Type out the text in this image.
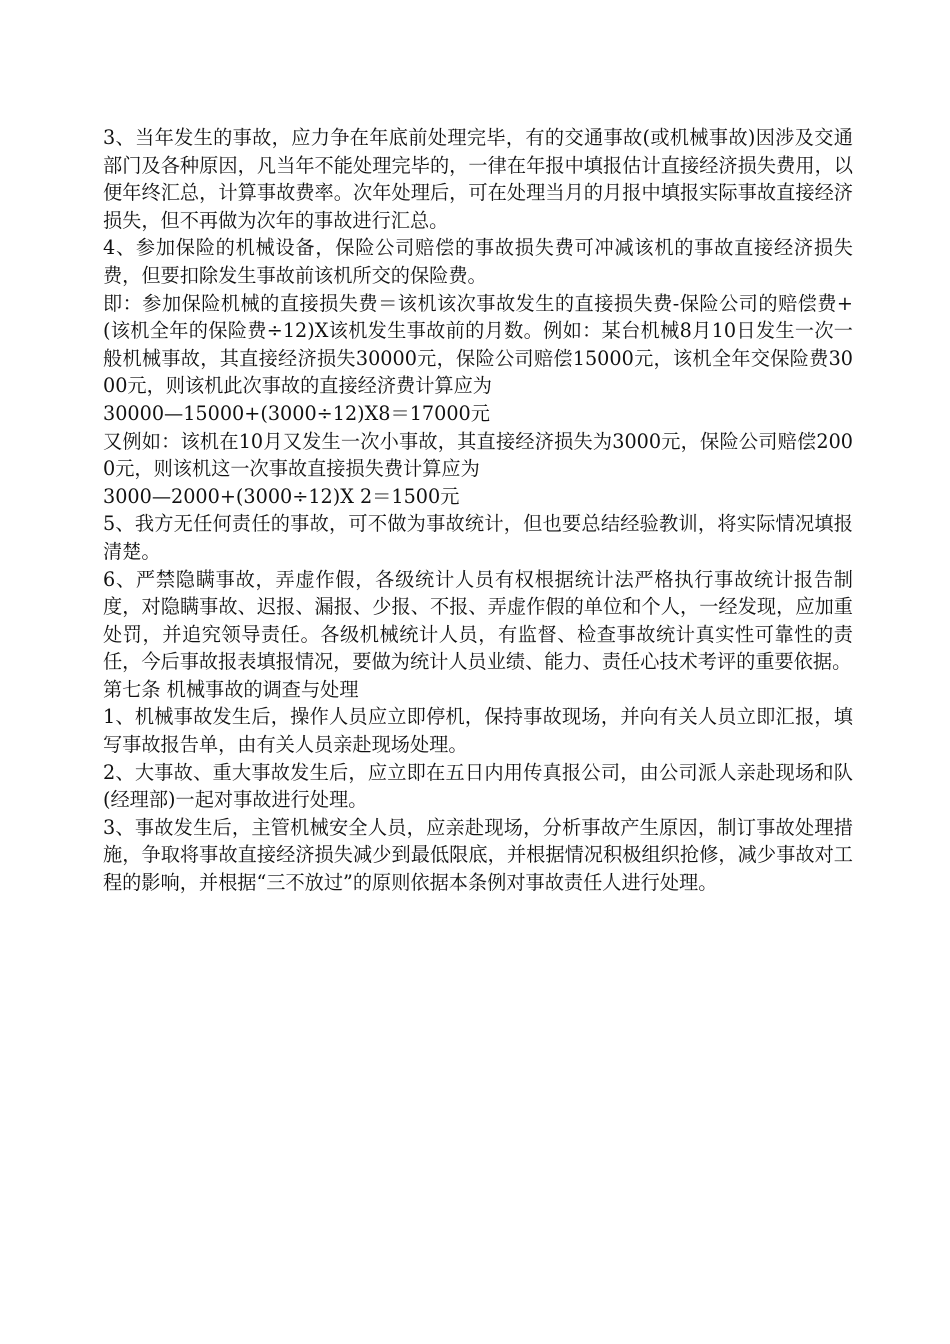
3、当年发生的事故，应力争在年底前处理完毕，有的交通事故(或机械事故)因涉及交通部门及各种原因，凡当年不能处理完毕的，一律在年报中填报估计直接经济损失费用，以便年终汇总，计算事故费率。次年处理后，可在处理当月的月报中填报实际事故直接经济损失，但不再做为次年的事故进行汇总。

4、参加保险的机械设备，保险公司赔偿的事故损失费可冲减该机的事故直接经济损失费，但要扣除发生事故前该机所交的保险费。

即：参加保险机械的直接损失费＝该机该次事故发生的直接损失费-保险公司的赔偿费+(该机全年的保险费÷12)X该机发生事故前的月数。例如：某台机械8月10日发生一次一般机械事故，其直接经济损失30000元，保险公司赔偿15000元，该机全年交保险费3000元，则该机此次事故的直接经济费计算应为

30000—15000+(3000÷12)X8＝17000元

又例如：该机在10月又发生一次小事故，其直接经济损失为3000元，保险公司赔偿2000元，则该机这一次事故直接损失费计算应为

3000—2000+(3000÷12)X 2＝1500元

5、我方无任何责任的事故，可不做为事故统计，但也要总结经验教训，将实际情况填报清楚。

6、严禁隐瞒事故，弄虚作假，各级统计人员有权根据统计法严格执行事故统计报告制度，对隐瞒事故、迟报、漏报、少报、不报、弄虚作假的单位和个人，一经发现，应加重处罚，并追究领导责任。各级机械统计人员，有监督、检查事故统计真实性可靠性的责任，今后事故报表填报情况，要做为统计人员业绩、能力、责任心技术考评的重要依据。

第七条 机械事故的调查与处理

1、机械事故发生后，操作人员应立即停机，保持事故现场，并向有关人员立即汇报，填写事故报告单，由有关人员亲赴现场处理。

2、大事故、重大事故发生后，应立即在五日内用传真报公司，由公司派人亲赴现场和队(经理部)一起对事故进行处理。

3、事故发生后，主管机械安全人员，应亲赴现场，分析事故产生原因，制订事故处理措施，争取将事故直接经济损失减少到最低限底，并根据情况积极组织抢修，减少事故对工程的影响，并根据“三不放过”的原则依据本条例对事故责任人进行处理。
